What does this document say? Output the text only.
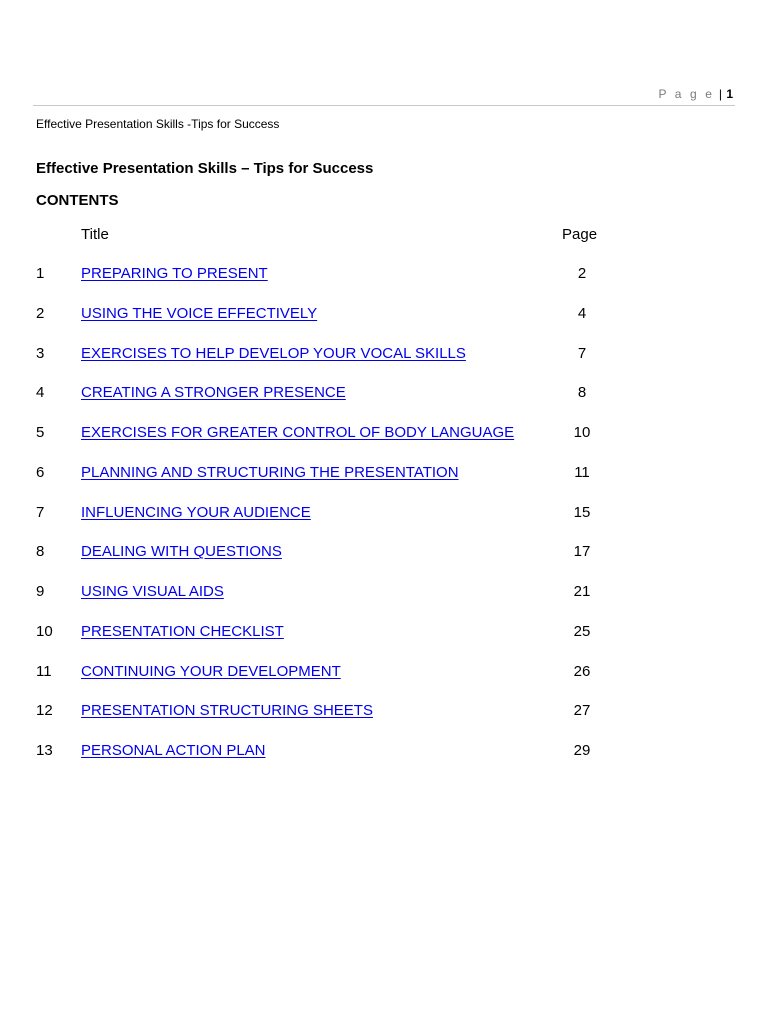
P a g e | 1
Effective Presentation Skills -Tips for Success
Effective Presentation Skills – Tips for Success
CONTENTS
Title	Page
1 PREPARING TO PRESENT	2
2 USING THE VOICE EFFECTIVELY	4
3 EXERCISES TO HELP DEVELOP YOUR VOCAL SKILLS	7
4 CREATING A STRONGER PRESENCE	8
5 EXERCISES FOR GREATER CONTROL OF BODY LANGUAGE	10
6 PLANNING AND STRUCTURING THE PRESENTATION	11
7 INFLUENCING YOUR AUDIENCE	15
8 DEALING WITH QUESTIONS	17
9 USING VISUAL AIDS	21
10 PRESENTATION CHECKLIST	25
11 CONTINUING YOUR DEVELOPMENT	26
12 PRESENTATION STRUCTURING SHEETS	27
13 PERSONAL ACTION PLAN	29
